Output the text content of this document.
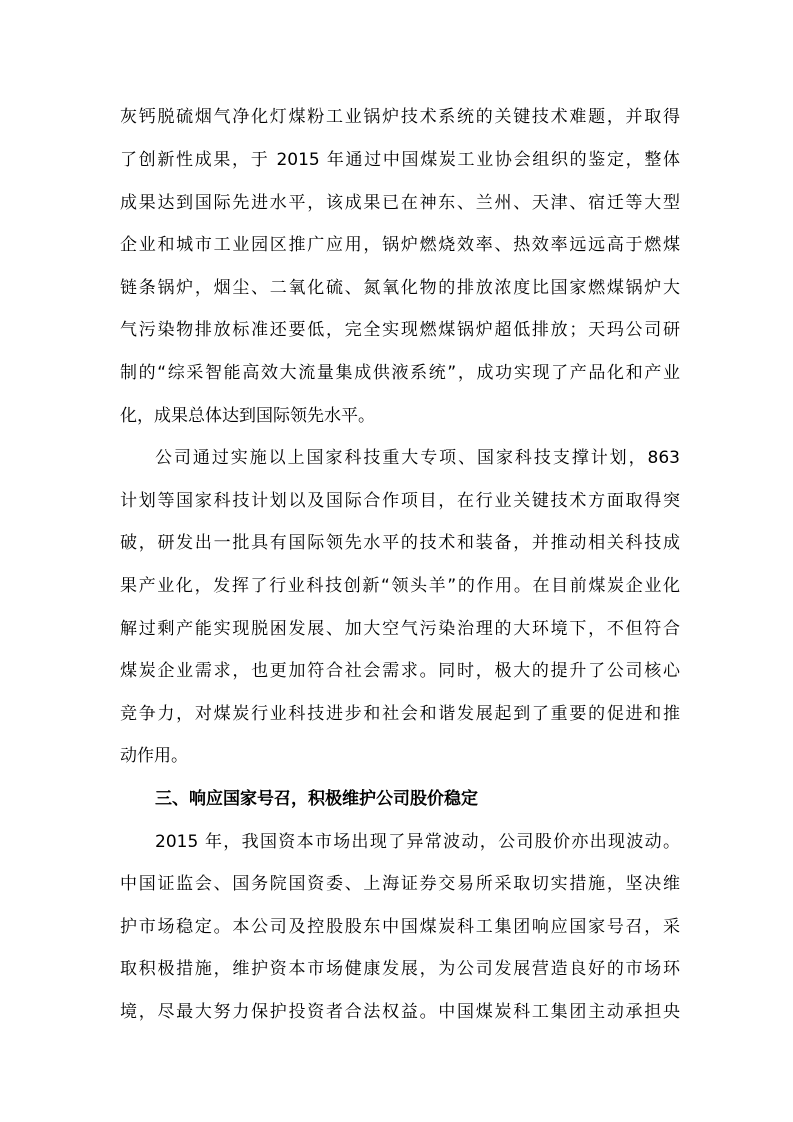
灰钙脱硫烟气净化灯煤粉工业锅炉技术系统的关键技术难题，并取得
了创新性成果，于 2015 年通过中国煤炭工业协会组织的鉴定，整体
成果达到国际先进水平，该成果已在神东、兰州、天津、宿迁等大型
企业和城市工业园区推广应用，锅炉燃烧效率、热效率远远高于燃煤
链条锅炉，烟尘、二氧化硫、氮氧化物的排放浓度比国家燃煤锅炉大
气污染物排放标准还要低，完全实现燃煤锅炉超低排放；天玛公司研
制的“综采智能高效大流量集成供液系统”，成功实现了产品化和产业
化，成果总体达到国际领先水平。
公司通过实施以上国家科技重大专项、国家科技支撑计划，863
计划等国家科技计划以及国际合作项目，在行业关键技术方面取得突
破，研发出一批具有国际领先水平的技术和装备，并推动相关科技成
果产业化，发挥了行业科技创新“领头羊”的作用。在目前煤炭企业化
解过剩产能实现脱困发展、加大空气污染治理的大环境下，不但符合
煤炭企业需求，也更加符合社会需求。同时，极大的提升了公司核心
竞争力，对煤炭行业科技进步和社会和谐发展起到了重要的促进和推
动作用。
三、响应国家号召，积极维护公司股价稳定
2015 年，我国资本市场出现了异常波动，公司股价亦出现波动。
中国证监会、国务院国资委、上海证券交易所采取切实措施，坚决维
护市场稳定。本公司及控股股东中国煤炭科工集团响应国家号召，采
取积极措施，维护资本市场健康发展，为公司发展营造良好的市场环
境，尽最大努力保护投资者合法权益。中国煤炭科工集团主动承担央
